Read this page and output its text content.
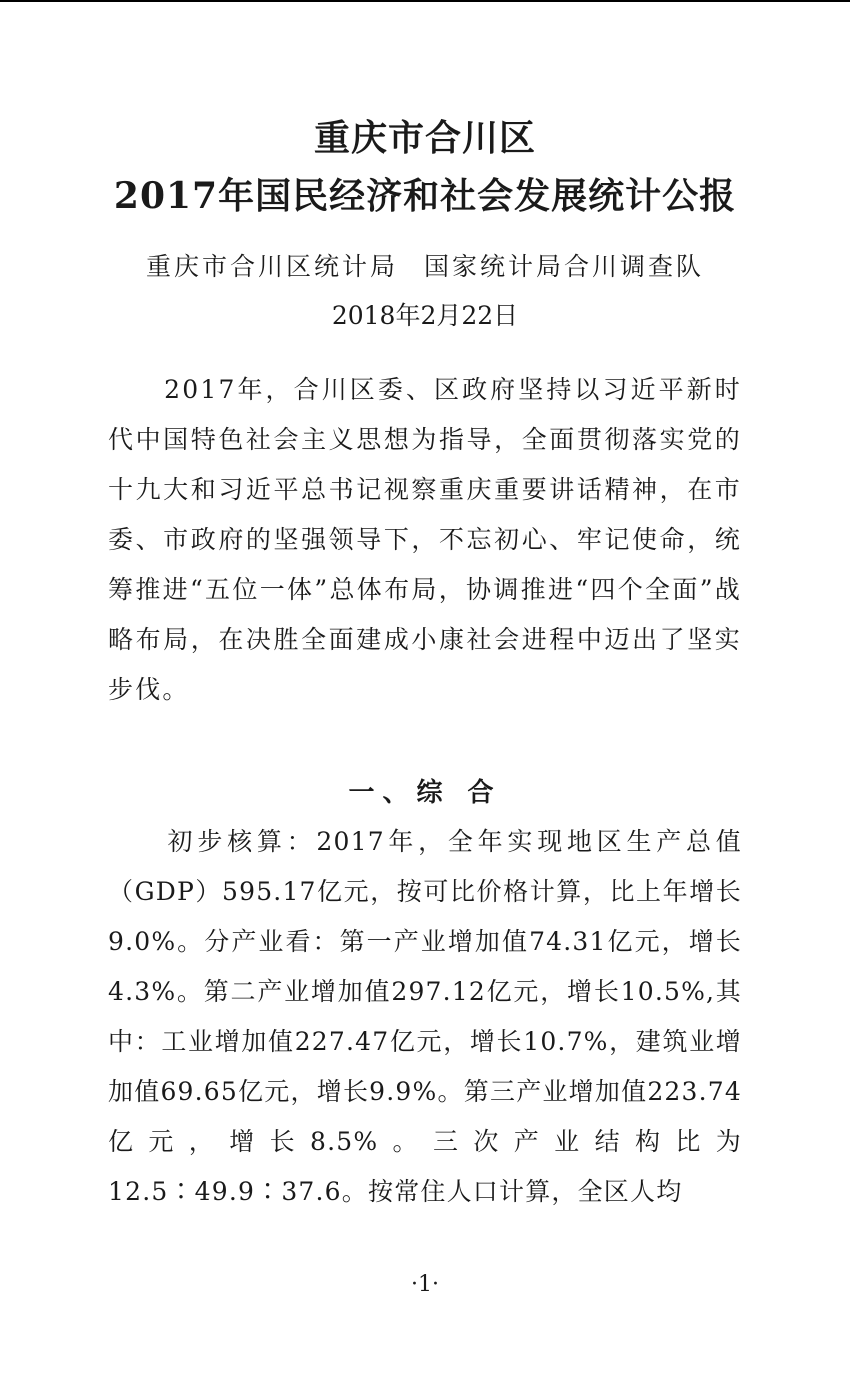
重庆市合川区
2017年国民经济和社会发展统计公报
重庆市合川区统计局 国家统计局合川调查队
2018年2月22日

　　2017年，合川区委、区政府坚持以习近平新时代中国特色社会主义思想为指导，全面贯彻落实党的十九大和习近平总书记视察重庆重要讲话精神，在市委、市政府的坚强领导下，不忘初心、牢记使命，统筹推进“五位一体”总体布局，协调推进“四个全面”战略布局，在决胜全面建成小康社会进程中迈出了坚实步伐。

一、综 合

　　初步核算：2017年，全年实现地区生产总值（GDP）595.17亿元，按可比价格计算，比上年增长9.0%。分产业看：第一产业增加值74.31亿元，增长4.3%。第二产业增加值297.12亿元，增长10.5%,其中：工业增加值227.47亿元，增长10.7%，建筑业增加值69.65亿元，增长9.9%。第三产业增加值223.74亿元，增长8.5%。三次产业结构比为12.5∶49.9∶37.6。按常住人口计算，全区人均

·1·
